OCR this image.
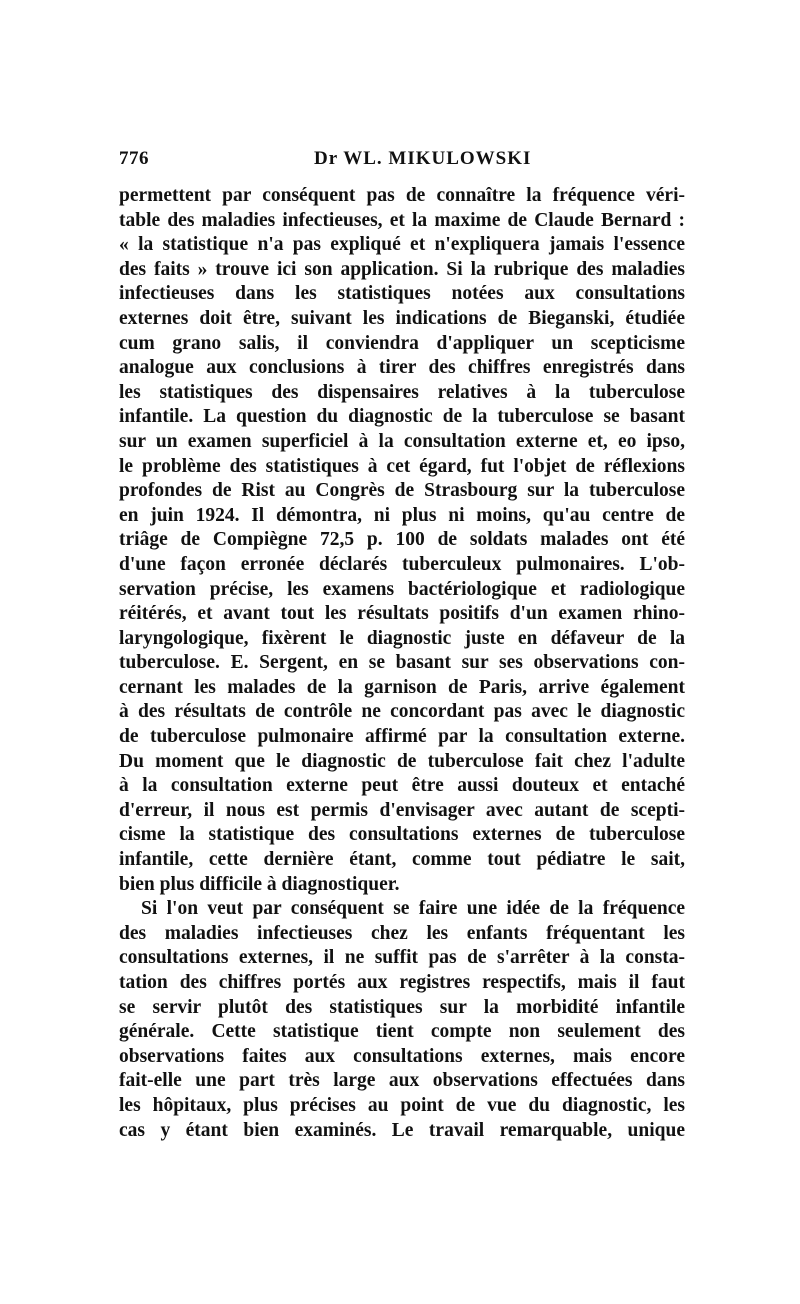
776	Dr WL. MIKULOWSKI
permettent par conséquent pas de connaître la fréquence véri-
table des maladies infectieuses, et la maxime de Claude Bernard :
« la statistique n'a pas expliqué et n'expliquera jamais l'essence
des faits » trouve ici son application. Si la rubrique des maladies
infectieuses dans les statistiques notées aux consultations
externes doit être, suivant les indications de Bieganski, étudiée
cum grano salis, il conviendra d'appliquer un scepticisme
analogue aux conclusions à tirer des chiffres enregistrés dans
les statistiques des dispensaires relatives à la tuberculose
infantile. La question du diagnostic de la tuberculose se basant
sur un examen superficiel à la consultation externe et, eo ipso,
le problème des statistiques à cet égard, fut l'objet de réflexions
profondes de Rist au Congrès de Strasbourg sur la tuberculose
en juin 1924. Il démontra, ni plus ni moins, qu'au centre de
triâge de Compiègne 72,5 p. 100 de soldats malades ont été
d'une façon erronée déclarés tuberculeux pulmonaires. L'ob-
servation précise, les examens bactériologique et radiologique
réitérés, et avant tout les résultats positifs d'un examen rhino-
laryngologique, fixèrent le diagnostic juste en défaveur de la
tuberculose. E. Sergent, en se basant sur ses observations con-
cernant les malades de la garnison de Paris, arrive également
à des résultats de contrôle ne concordant pas avec le diagnostic
de tuberculose pulmonaire affirmé par la consultation externe.
Du moment que le diagnostic de tuberculose fait chez l'adulte
à la consultation externe peut être aussi douteux et entaché
d'erreur, il nous est permis d'envisager avec autant de scepti-
cisme la statistique des consultations externes de tuberculose
infantile, cette dernière étant, comme tout pédiatre le sait,
bien plus difficile à diagnostiquer.
Si l'on veut par conséquent se faire une idée de la fréquence
des maladies infectieuses chez les enfants fréquentant les
consultations externes, il ne suffit pas de s'arrêter à la consta-
tation des chiffres portés aux registres respectifs, mais il faut
se servir plutôt des statistiques sur la morbidité infantile
générale. Cette statistique tient compte non seulement des
observations faites aux consultations externes, mais encore
fait-elle une part très large aux observations effectuées dans
les hôpitaux, plus précises au point de vue du diagnostic, les
cas y étant bien examinés. Le travail remarquable, unique
